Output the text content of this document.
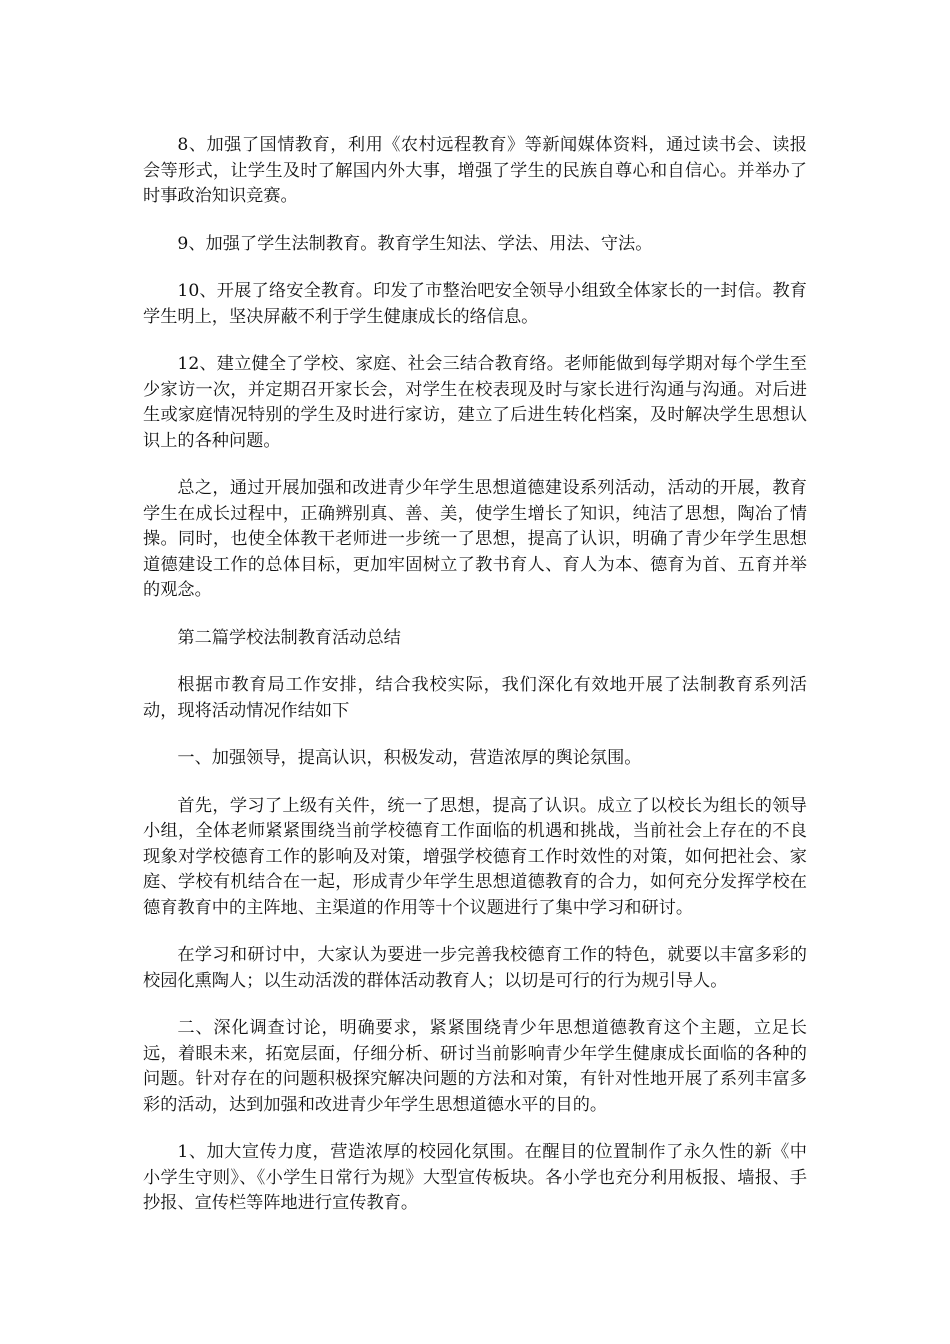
8、加强了国情教育，利用《农村远程教育》等新闻媒体资料，通过读书会、读报会等形式，让学生及时了解国内外大事，增强了学生的民族自尊心和自信心。并举办了时事政治知识竞赛。

9、加强了学生法制教育。教育学生知法、学法、用法、守法。

10、开展了络安全教育。印发了市整治吧安全领导小组致全体家长的一封信。教育学生明上，坚决屏蔽不利于学生健康成长的络信息。

12、建立健全了学校、家庭、社会三结合教育络。老师能做到每学期对每个学生至少家访一次，并定期召开家长会，对学生在校表现及时与家长进行沟通与沟通。对后进生或家庭情况特别的学生及时进行家访，建立了后进生转化档案，及时解决学生思想认识上的各种问题。

总之，通过开展加强和改进青少年学生思想道德建设系列活动，活动的开展，教育学生在成长过程中，正确辨别真、善、美，使学生增长了知识，纯洁了思想，陶冶了情操。同时，也使全体教干老师进一步统一了思想，提高了认识，明确了青少年学生思想道德建设工作的总体目标，更加牢固树立了教书育人、育人为本、德育为首、五育并举的观念。

第二篇学校法制教育活动总结

根据市教育局工作安排，结合我校实际，我们深化有效地开展了法制教育系列活动，现将活动情况作结如下

一、加强领导，提高认识，积极发动，营造浓厚的舆论氛围。

首先，学习了上级有关件，统一了思想，提高了认识。成立了以校长为组长的领导小组，全体老师紧紧围绕当前学校德育工作面临的机遇和挑战，当前社会上存在的不良现象对学校德育工作的影响及对策，增强学校德育工作时效性的对策，如何把社会、家庭、学校有机结合在一起，形成青少年学生思想道德教育的合力，如何充分发挥学校在德育教育中的主阵地、主渠道的作用等十个议题进行了集中学习和研讨。

在学习和研讨中，大家认为要进一步完善我校德育工作的特色，就要以丰富多彩的校园化熏陶人；以生动活泼的群体活动教育人；以切是可行的行为规引导人。

二、深化调查讨论，明确要求，紧紧围绕青少年思想道德教育这个主题，立足长远，着眼未来，拓宽层面，仔细分析、研讨当前影响青少年学生健康成长面临的各种的问题。针对存在的问题积极探究解决问题的方法和对策，有针对性地开展了系列丰富多彩的活动，达到加强和改进青少年学生思想道德水平的目的。

1、加大宣传力度，营造浓厚的校园化氛围。在醒目的位置制作了永久性的新《中小学生守则》、《小学生日常行为规》大型宣传板块。各小学也充分利用板报、墙报、手抄报、宣传栏等阵地进行宣传教育。
